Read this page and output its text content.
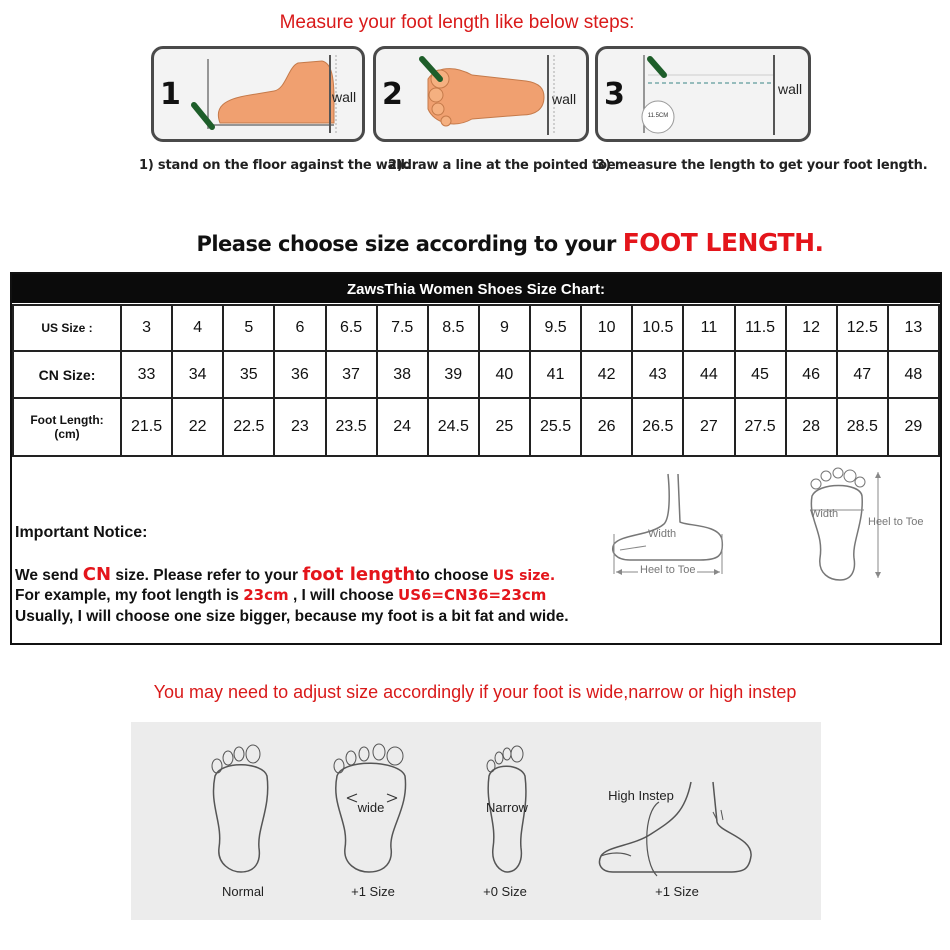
Measure your foot length like below steps:
1	wall 2	wall 3
11.5CM
wall
1) stand on the floor against the wall.
2)draw a line at the pointed toe
3) measure the length to get your foot length.
Please choose size according to your FOOT LENGTH.
ZawsThia Women Shoes Size Chart:
US Size :	3	4	5	6	6.5	7.5	8.5	9	9.5	10	10.5	11	11.5	12	12.5	13
CN Size:	33	34	35	36	37	38	39	40	41	42	43	44	45	46	47	48

Foot Length:
(cm)	21.5	22	22.5	23	23.5	24	24.5	25	25.5	26	26.5	27	27.5	28	28.5	29
Important Notice:
We send CN size. Please refer to your foot lengthto choose US size.
For example, my foot length is 23cm , I will choose US6=CN36=23cm
Usually, I will choose one size bigger, because my foot is a bit fat and wide.
Width
Heel to Toe
Width
Heel to Toe
You may need to adjust size accordingly if your foot is wide,narrow or high instep
wide	Narrow
High Instep
Normal	+1 Size	+0 Size	+1 Size
